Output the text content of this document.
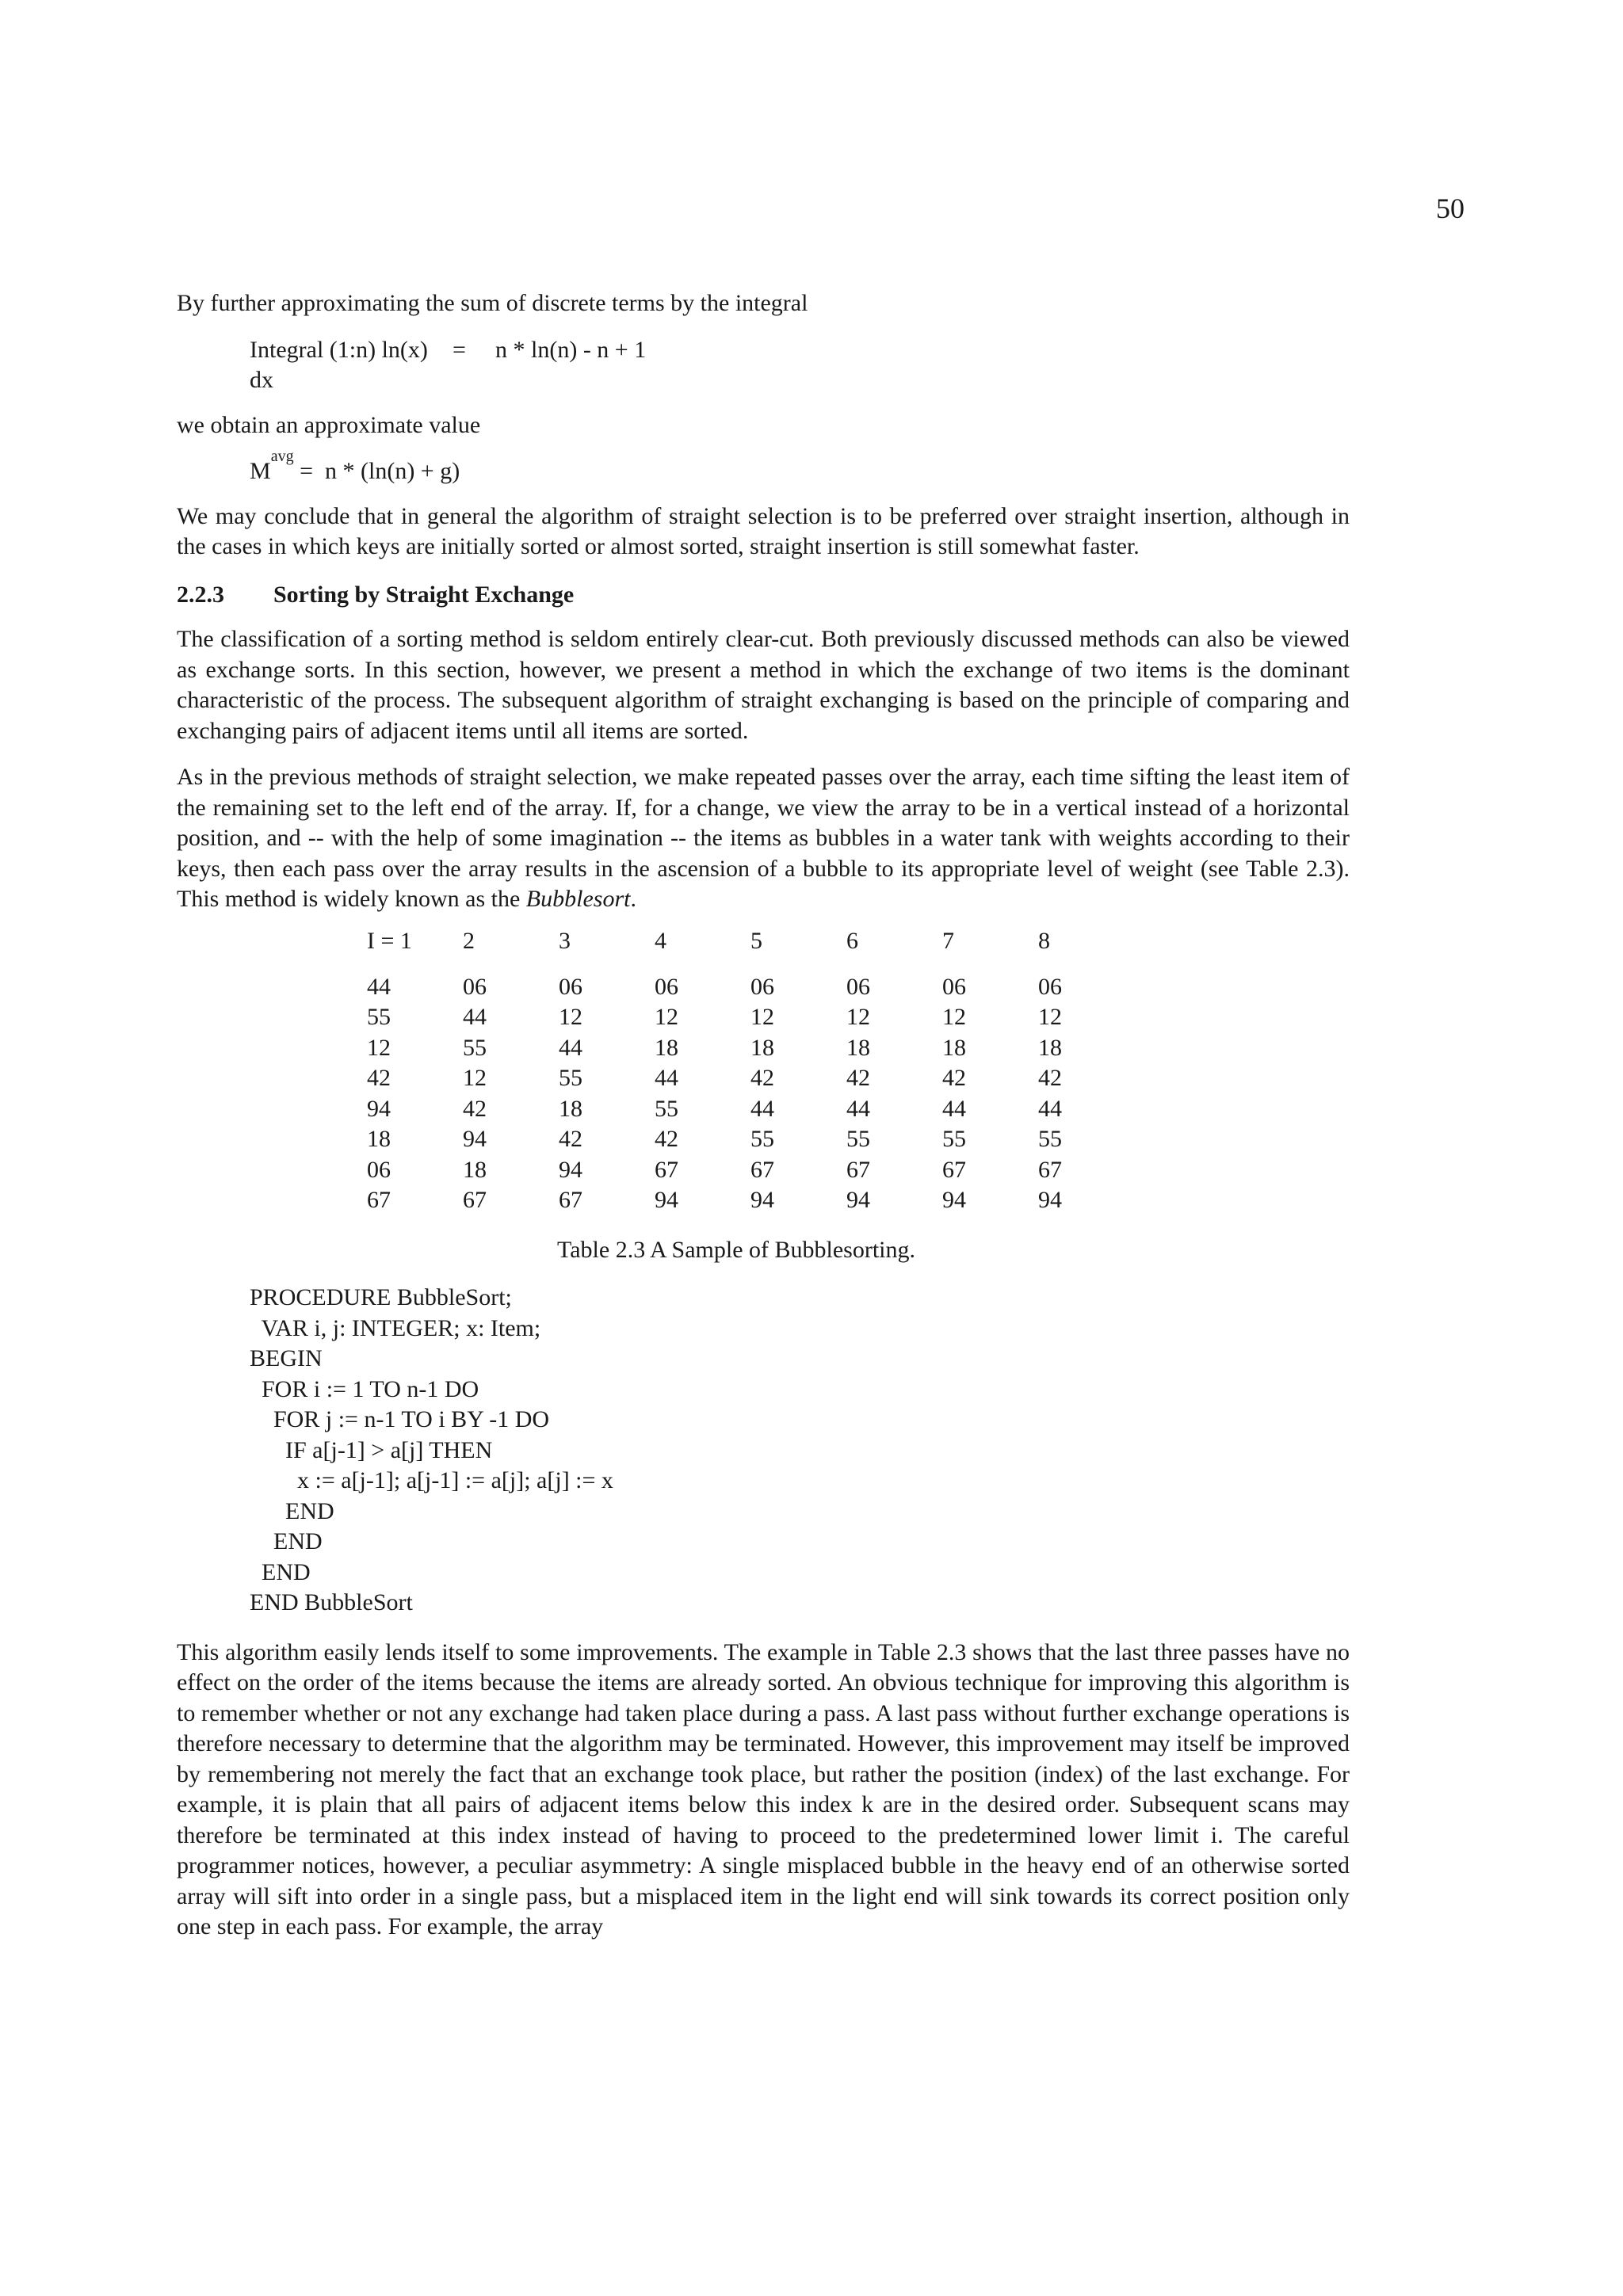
50

By further approximating the sum of discrete terms by the integral

Integral (1:n) ln(x) dx
=	n * ln(n) - n + 1

we obtain an approximate value

M
avg
=  n * (ln(n) + g)

We may conclude that in general the algorithm of straight selection is to be preferred over straight insertion, although in the cases in which keys are initially sorted or almost sorted, straight insertion is still somewhat faster.

2.2.3	Sorting by Straight Exchange

The classification of a sorting method is seldom entirely clear-cut. Both previously discussed methods can also be viewed as exchange sorts. In this section, however, we present a method in which the exchange of two items is the dominant characteristic of the process. The subsequent algorithm of straight exchanging is based on the principle of comparing and exchanging pairs of adjacent items until all items are sorted.

As in the previous methods of straight selection, we make repeated passes over the array, each time sifting the least item of the remaining set to the left end of the array. If, for a change, we view the array to be in a vertical instead of a horizontal position, and -- with the help of some imagination -- the items as bubbles in a water tank with weights according to their keys, then each pass over the array results in the ascension of a bubble to its appropriate level of weight (see Table 2.3). This method is widely known as the Bubblesort.

I = 1	2	3	4	5	6	7	8
44	06	06	06	06	06	06	06
55	44	12	12	12	12	12	12
12	55	44	18	18	18	18	18
42	12	55	44	42	42	42	42
94	42	18	55	44	44	44	44
18	94	42	42	55	55	55	55
06	18	94	67	67	67	67	67
67	67	67	94	94	94	94	94

Table 2.3 A Sample of Bubblesorting.

PROCEDURE BubbleSort;
VAR i, j: INTEGER; x: Item;
BEGIN
FOR i := 1 TO n-1 DO
FOR j := n-1 TO i BY -1 DO
IF a[j-1] > a[j] THEN
x := a[j-1]; a[j-1] := a[j]; a[j] := x
END
END
END
END BubbleSort

This algorithm easily lends itself to some improvements. The example in Table 2.3 shows that the last three passes have no effect on the order of the items because the items are already sorted. An obvious technique for improving this algorithm is to remember whether or not any exchange had taken place during a pass. A last pass without further exchange operations is therefore necessary to determine that the algorithm may be terminated. However, this improvement may itself be improved by remembering not merely the fact that an exchange took place, but rather the position (index) of the last exchange. For example, it is plain that all pairs of adjacent items below this index k are in the desired order. Subsequent scans may therefore be terminated at this index instead of having to proceed to the predetermined lower limit i. The careful programmer notices, however, a peculiar asymmetry: A single misplaced bubble in the heavy end of an otherwise sorted array will sift into order in a single pass, but a misplaced item in the light end will sink towards its correct position only one step in each pass. For example, the array
